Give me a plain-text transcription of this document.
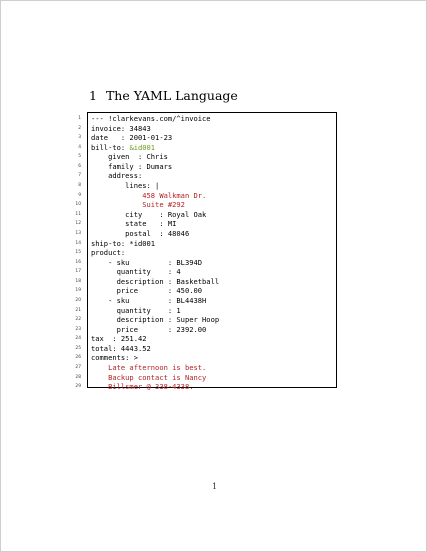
1 The YAML Language
1
2
3
4
5
6
7
8
9
10
11
12
13
14
15
16
17
18
19
20
21
22
23
24
25
26
27
28
29
--- !clarkevans.com/^invoice
invoice: 34843
date   : 2001-01-23
bill-to: &id001
given  : Chris
family : Dumars
address:
lines: |
458 Walkman Dr.
Suite #292
city    : Royal Oak
state   : MI
postal  : 48046
ship-to: *id001
product:
- sku         : BL394D
quantity    : 4
description : Basketball
price       : 450.00
- sku         : BL4438H
quantity    : 1
description : Super Hoop
price       : 2392.00
tax  : 251.42
total: 4443.52
comments: >
Late afternoon is best.
Backup contact is Nancy
Billsmer @ 338-4338.
1
